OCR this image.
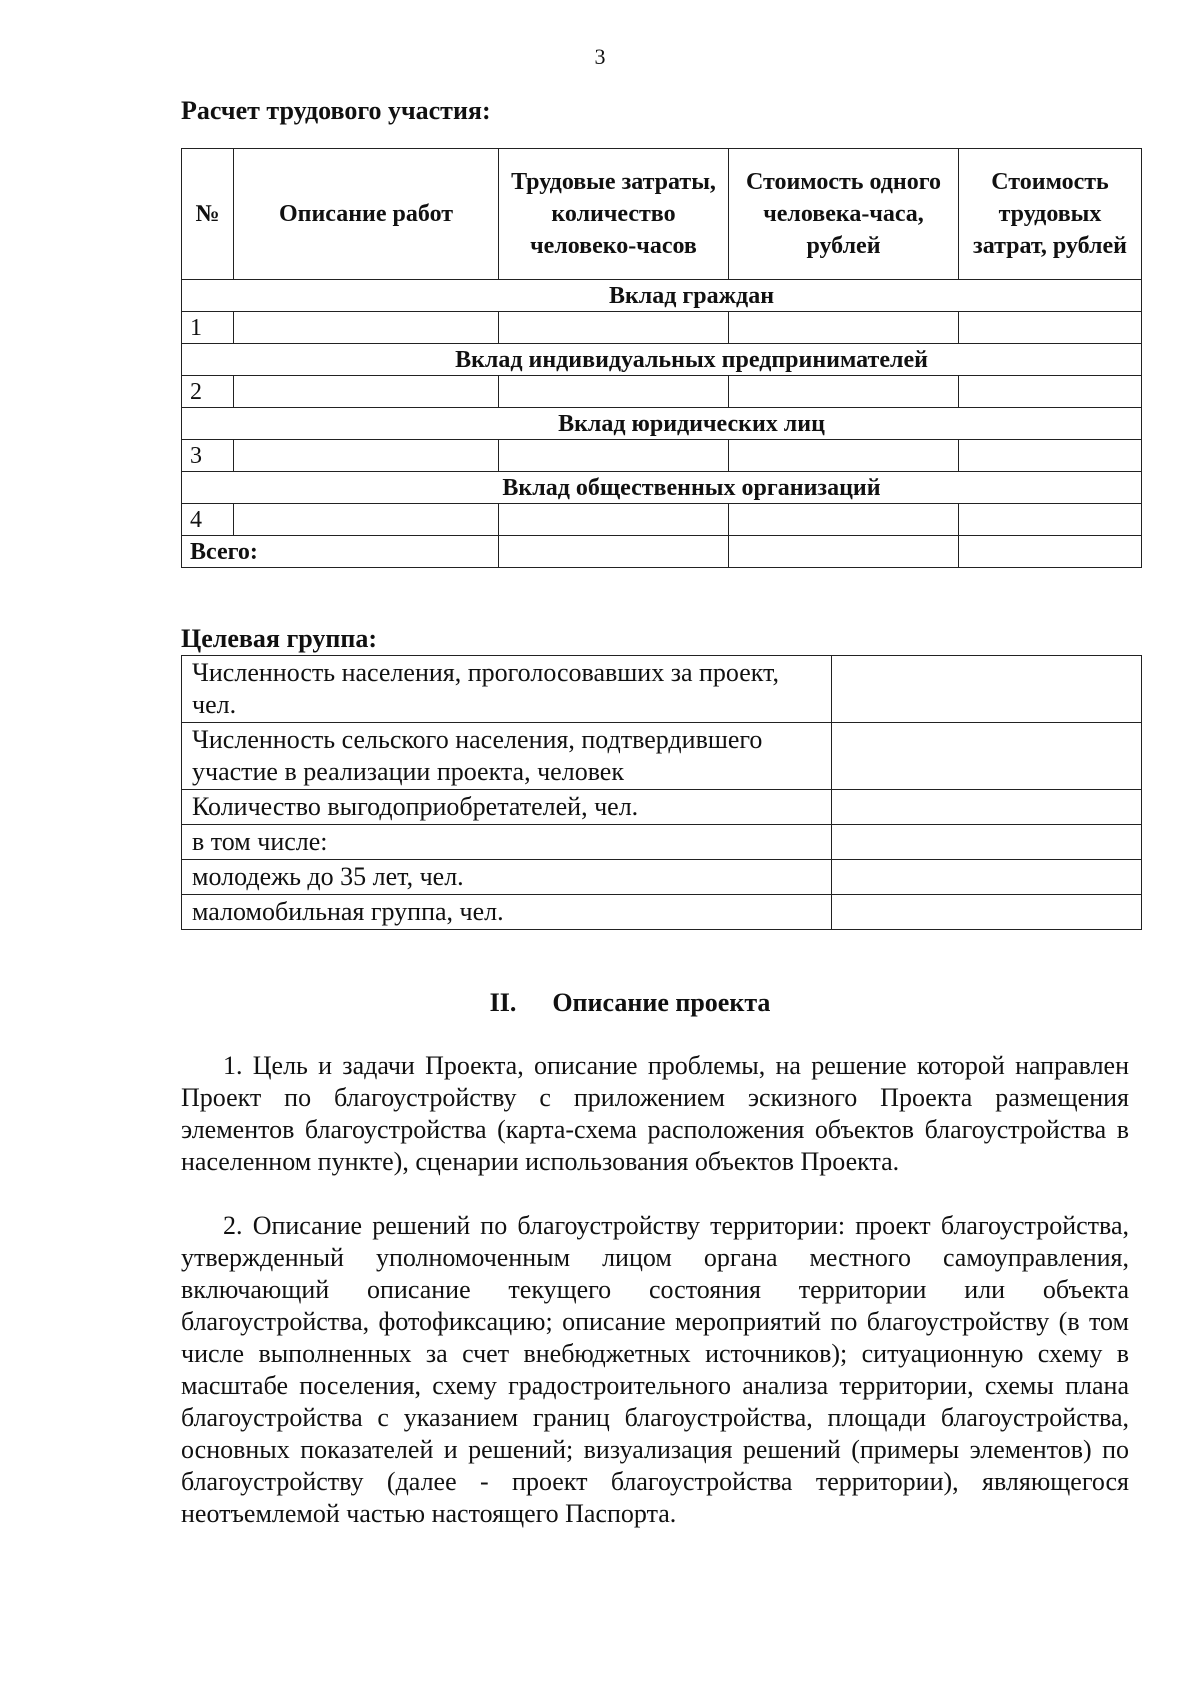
3
Расчет трудового участия:
№	Описание работ	Трудовые затраты, количество человеко-часов	Стоимость одного человека-часа, рублей	Стоимость трудовых затрат, рублей
Вклад граждан				
1				
Вклад индивидуальных предпринимателей				
2				
Вклад юридических лиц				
3				
Вклад общественных организаций				
4				
Всего:				
Целевая группа:
Численность населения, проголосовавших за проект, чел.	
Численность сельского населения, подтвердившего участие в реализации проекта, человек	
Количество выгодоприобретателей, чел.	
в том числе:	
молодежь до 35 лет, чел.	
маломобильная группа, чел.	
II. Описание проекта

1. Цель и задачи Проекта, описание проблемы, на решение которой направлен Проект по благоустройству с приложением эскизного Проекта размещения элементов благоустройства (карта-схема расположения объектов благоустройства в населенном пункте), сценарии использования объектов Проекта.

2. Описание решений по благоустройству территории: проект благоустройства, утвержденный уполномоченным лицом органа местного самоуправления, включающий описание текущего состояния территории или объекта благоустройства, фотофиксацию; описание мероприятий по благоустройству (в том числе выполненных за счет внебюджетных источников); ситуационную схему в масштабе поселения, схему градостроительного анализа территории, схемы плана благоустройства с указанием границ благоустройства, площади благоустройства, основных показателей и решений; визуализация решений (примеры элементов) по благоустройству (далее - проект благоустройства территории), являющегося неотъемлемой частью настоящего Паспорта.
